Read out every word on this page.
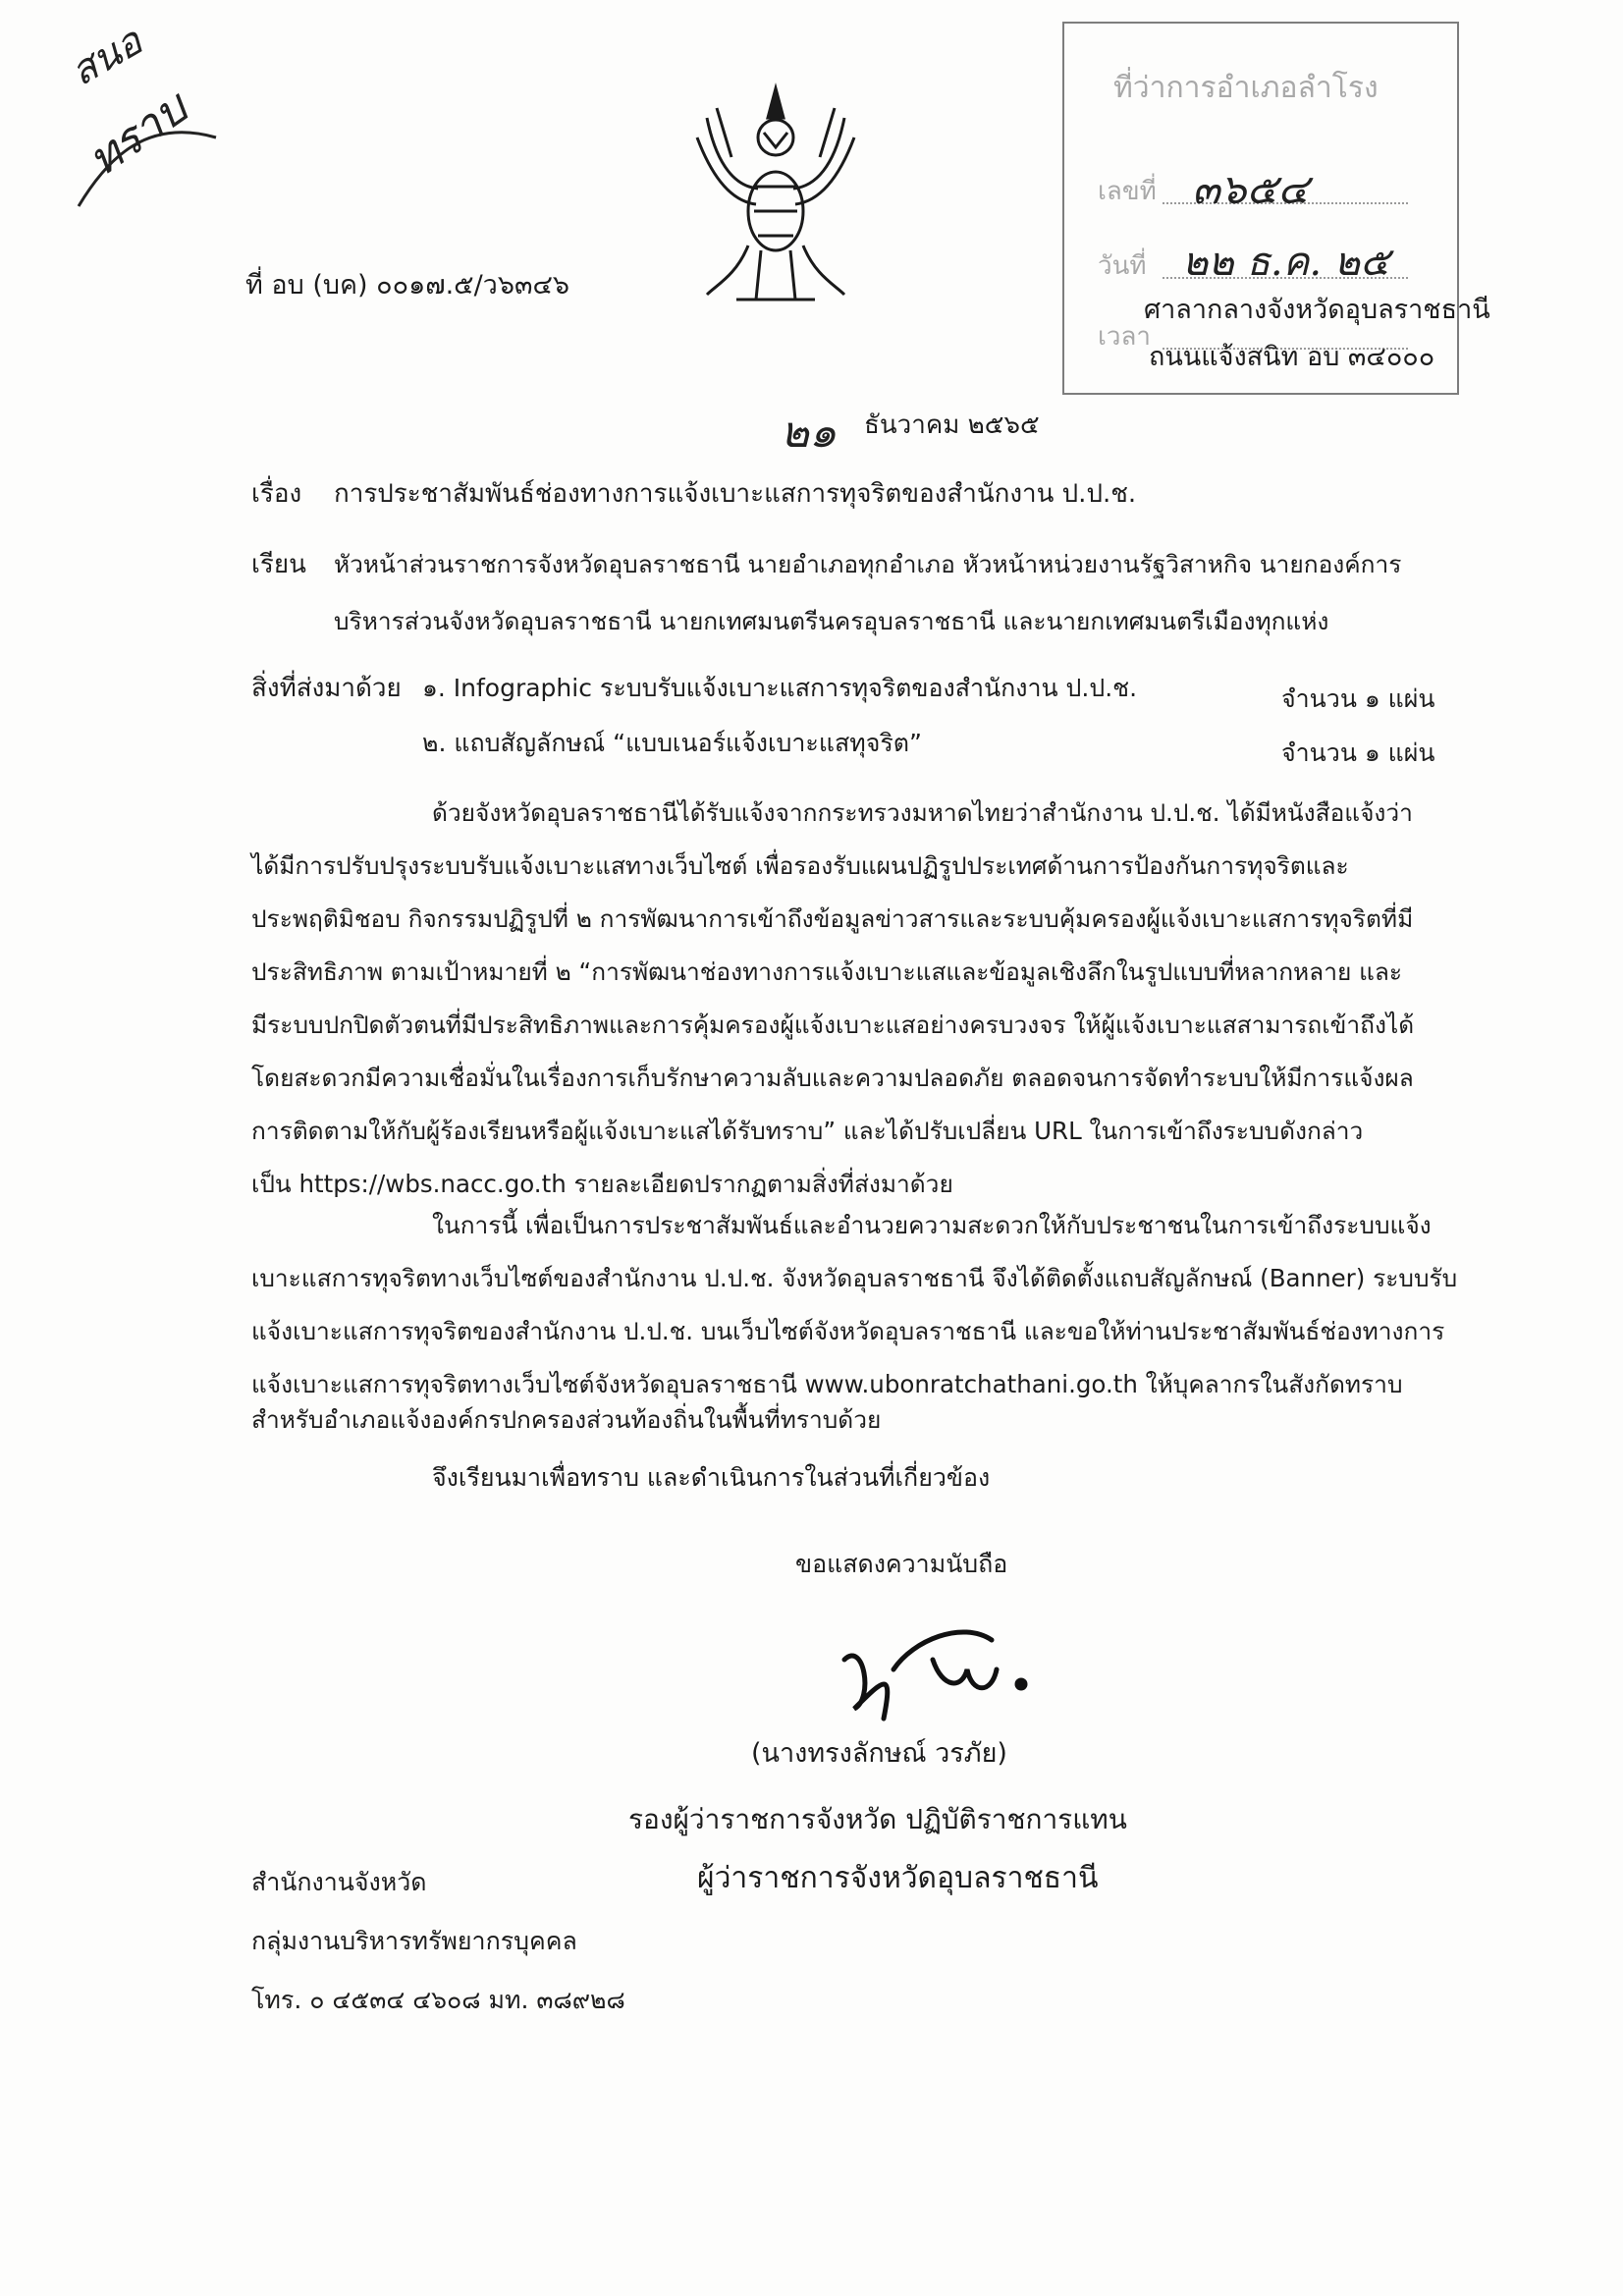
สนอ
ทราบ
ที่ อบ (บค) ๐๐๑๗.๕/ว๖๓๔๖
ที่ว่าการอำเภอลำโรง
เลขที่ ๓๖๕๔
วันที่ ๒๒ ธ.ค. ๒๕
เวลา
ศาลากลางจังหวัดอุบลราชธานี
ถนนแจ้งสนิท อบ ๓๔๐๐๐
๒๑ ธันวาคม ๒๕๖๕
เรื่อง การประชาสัมพันธ์ช่องทางการแจ้งเบาะแสการทุจริตของสำนักงาน ป.ป.ช.
เรียน หัวหน้าส่วนราชการจังหวัดอุบลราชธานี นายอำเภอทุกอำเภอ หัวหน้าหน่วยงานรัฐวิสาหกิจ นายกองค์การ
บริหารส่วนจังหวัดอุบลราชธานี นายกเทศมนตรีนครอุบลราชธานี และนายกเทศมนตรีเมืองทุกแห่ง
สิ่งที่ส่งมาด้วย ๑. Infographic ระบบรับแจ้งเบาะแสการทุจริตของสำนักงาน ป.ป.ช.	จำนวน ๑ แผ่น
๒. แถบสัญลักษณ์ “แบบเนอร์แจ้งเบาะแสทุจริต”	จำนวน ๑ แผ่น
ด้วยจังหวัดอุบลราชธานีได้รับแจ้งจากกระทรวงมหาดไทยว่าสำนักงาน ป.ป.ช. ได้มีหนังสือแจ้งว่า
ได้มีการปรับปรุงระบบรับแจ้งเบาะแสทางเว็บไซต์ เพื่อรองรับแผนปฏิรูปประเทศด้านการป้องกันการทุจริตและ
ประพฤติมิชอบ กิจกรรมปฏิรูปที่ ๒ การพัฒนาการเข้าถึงข้อมูลข่าวสารและระบบคุ้มครองผู้แจ้งเบาะแสการทุจริตที่มี
ประสิทธิภาพ ตามเป้าหมายที่ ๒ “การพัฒนาช่องทางการแจ้งเบาะแสและข้อมูลเชิงลึกในรูปแบบที่หลากหลาย และ
มีระบบปกปิดตัวตนที่มีประสิทธิภาพและการคุ้มครองผู้แจ้งเบาะแสอย่างครบวงจร ให้ผู้แจ้งเบาะแสสามารถเข้าถึงได้
โดยสะดวกมีความเชื่อมั่นในเรื่องการเก็บรักษาความลับและความปลอดภัย ตลอดจนการจัดทำระบบให้มีการแจ้งผล
การติดตามให้กับผู้ร้องเรียนหรือผู้แจ้งเบาะแสได้รับทราบ” และได้ปรับเปลี่ยน URL ในการเข้าถึงระบบดังกล่าว
เป็น https://wbs.nacc.go.th รายละเอียดปรากฏตามสิ่งที่ส่งมาด้วย
ในการนี้ เพื่อเป็นการประชาสัมพันธ์และอำนวยความสะดวกให้กับประชาชนในการเข้าถึงระบบแจ้ง
เบาะแสการทุจริตทางเว็บไซต์ของสำนักงาน ป.ป.ช. จังหวัดอุบลราชธานี จึงได้ติดตั้งแถบสัญลักษณ์ (Banner) ระบบรับ
แจ้งเบาะแสการทุจริตของสำนักงาน ป.ป.ช. บนเว็บไซต์จังหวัดอุบลราชธานี และขอให้ท่านประชาสัมพันธ์ช่องทางการ
แจ้งเบาะแสการทุจริตทางเว็บไซต์จังหวัดอุบลราชธานี www.ubonratchathani.go.th ให้บุคลากรในสังกัดทราบ
สำหรับอำเภอแจ้งองค์กรปกครองส่วนท้องถิ่นในพื้นที่ทราบด้วย
จึงเรียนมาเพื่อทราบ และดำเนินการในส่วนที่เกี่ยวข้อง
ขอแสดงความนับถือ
(นางทรงลักษณ์ วรภัย)
รองผู้ว่าราชการจังหวัด ปฏิบัติราชการแทน
ผู้ว่าราชการจังหวัดอุบลราชธานี
สำนักงานจังหวัด
กลุ่มงานบริหารทรัพยากรบุคคล
โทร. ๐ ๔๕๓๔ ๔๖๐๘ มท. ๓๘๙๒๘
